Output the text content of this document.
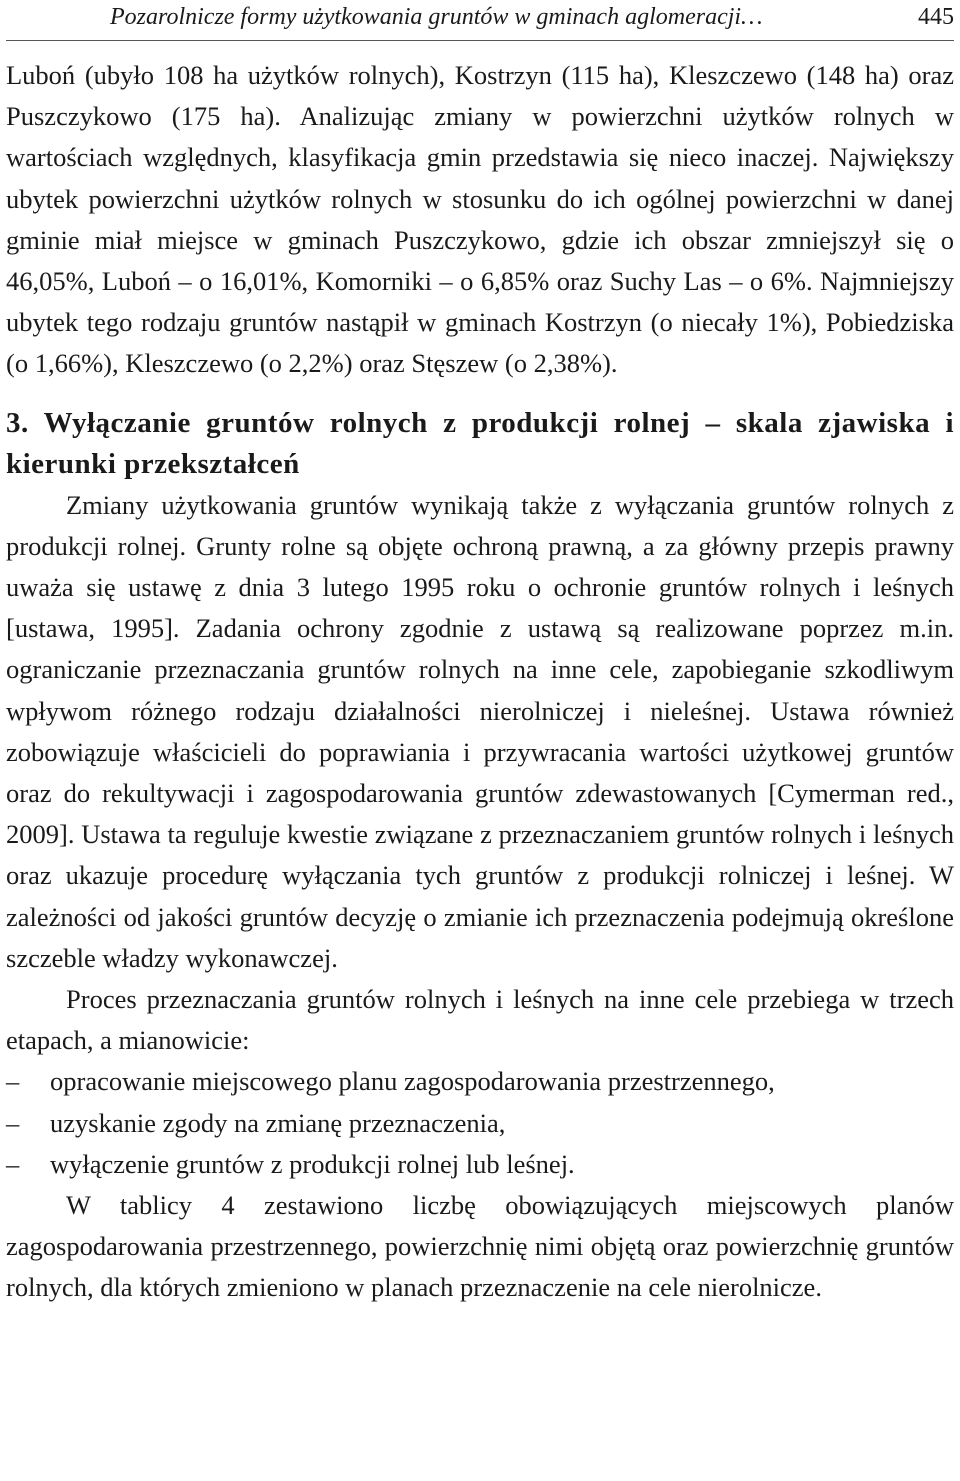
Pozarolnicze formy użytkowania gruntów w gminach aglomeracji…	445

Luboń (ubyło 108 ha użytków rolnych), Kostrzyn (115 ha), Kleszczewo (148 ha) oraz Puszczykowo (175 ha). Analizując zmiany w powierzchni użytków rolnych w wartościach względnych, klasyfikacja gmin przedstawia się nieco inaczej. Największy ubytek powierzchni użytków rolnych w stosunku do ich ogólnej powierzchni w danej gminie miał miejsce w gminach Puszczykowo, gdzie ich obszar zmniejszył się o 46,05%, Luboń – o 16,01%, Komorniki – o 6,85% oraz Suchy Las – o 6%. Najmniejszy ubytek tego rodzaju gruntów nastąpił w gminach Kostrzyn (o niecały 1%), Pobiedziska (o 1,66%), Kleszczewo (o 2,2%) oraz Stęszew (o 2,38%).

3. Wyłączanie gruntów rolnych z produkcji rolnej – skala zjawiska i kierunki przekształceń

Zmiany użytkowania gruntów wynikają także z wyłączania gruntów rolnych z produkcji rolnej. Grunty rolne są objęte ochroną prawną, a za główny przepis prawny uważa się ustawę z dnia 3 lutego 1995 roku o ochronie gruntów rolnych i leśnych [ustawa, 1995]. Zadania ochrony zgodnie z ustawą są realizowane poprzez m.in. ograniczanie przeznaczania gruntów rolnych na inne cele, zapobieganie szkodliwym wpływom różnego rodzaju działalności nierolniczej i nieleśnej. Ustawa również zobowiązuje właścicieli do poprawiania i przywracania wartości użytkowej gruntów oraz do rekultywacji i zagospodarowania gruntów zdewastowanych [Cymerman red., 2009]. Ustawa ta reguluje kwestie związane z przeznaczaniem gruntów rolnych i leśnych oraz ukazuje procedurę wyłączania tych gruntów z produkcji rolniczej i leśnej. W zależności od jakości gruntów decyzję o zmianie ich przeznaczenia podejmują określone szczeble władzy wykonawczej.

Proces przeznaczania gruntów rolnych i leśnych na inne cele przebiega w trzech etapach, a mianowicie:

– opracowanie miejscowego planu zagospodarowania przestrzennego,
– uzyskanie zgody na zmianę przeznaczenia,
– wyłączenie gruntów z produkcji rolnej lub leśnej.

W tablicy 4 zestawiono liczbę obowiązujących miejscowych planów zagospodarowania przestrzennego, powierzchnię nimi objętą oraz powierzchnię gruntów rolnych, dla których zmieniono w planach przeznaczenie na cele nierolnicze.
